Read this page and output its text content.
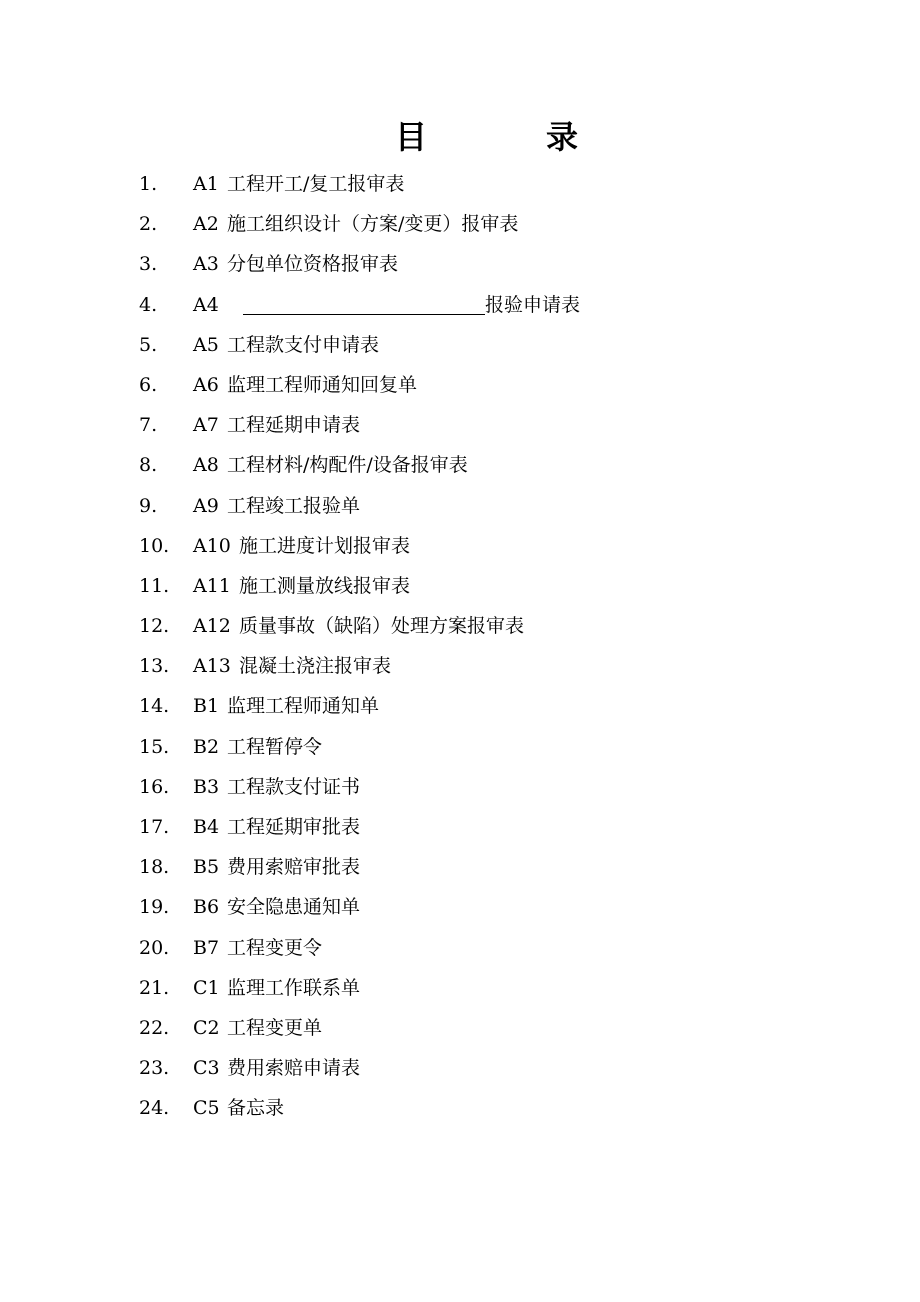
目	录
1. A1 工程开工/复工报审表
2. A2 施工组织设计（方案/变更）报审表
3. A3 分包单位资格报审表
4. A4	报验申请表
5. A5 工程款支付申请表
6. A6 监理工程师通知回复单
7. A7 工程延期申请表
8. A8 工程材料/构配件/设备报审表
9. A9 工程竣工报验单
10. A10 施工进度计划报审表
11. A11 施工测量放线报审表
12. A12 质量事故（缺陷）处理方案报审表
13. A13 混凝土浇注报审表
14. B1 监理工程师通知单
15. B2 工程暂停令
16. B3 工程款支付证书
17. B4 工程延期审批表
18. B5 费用索赔审批表
19. B6 安全隐患通知单
20. B7 工程变更令
21. C1 监理工作联系单
22. C2 工程变更单
23. C3 费用索赔申请表
24. C5 备忘录
